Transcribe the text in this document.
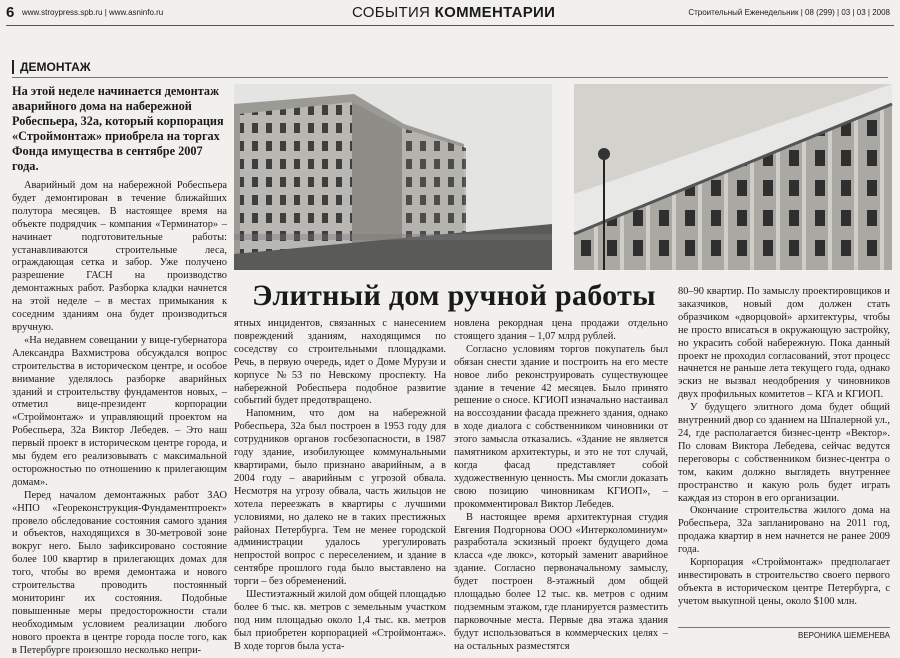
6 www.stroypress.spb.ru | www.asninfo.ru	СОБЫТИЯ КОММЕНТАРИИ	Строительный Еженедельник | 08 (299) | 03 | 03 | 2008
ДЕМОНТАЖ
На этой неделе начинается демонтаж аварийного дома на набережной Робеспьера, 32а, который корпорация «Строймонтаж» приобрела на торгах Фонда имущества в сентябре 2007 года.

Аварийный дом на набережной Робеспьера будет демонтирован в течение ближайших полутора месяцев. В настоящее время на объекте подрядчик – компания «Терминатор» – начинает подготовительные работы: устанавливаются строительные леса, ограждающая сетка и забор. Уже получено разрешение ГАСН на производство демонтажных работ. Разборка кладки начнется на этой неделе – в местах примыкания к соседним зданиям она будет производиться вручную.

«На недавнем совещании у вице-губернатора Александра Вахмистрова обсуждался вопрос строительства в историческом центре, и особое внимание уделялось разборке аварийных зданий и строительству фундаментов новых, – отметил вице-президент корпорации «Строймонтаж» и управляющий проектом на Робеспьера, 32а Виктор Лебедев. – Это наш первый проект в историческом центре города, и мы будем его реализовывать с максимальной осторожностью по отношению к прилегающим домам».

Перед началом демонтажных работ ЗАО «НПО «Геореконструкция-Фундаментпроект» провело обследование состояния самого здания и объектов, находящихся в 30-метровой зоне вокруг него. Было зафиксировано состояние более 100 квартир в прилегающих домах для того, чтобы во время демонтажа и нового строительства проводить постоянный мониторинг их состояния. Подобные повышенные меры предосторожности стали необходимым условием реализации любого нового проекта в центре города после того, как в Петербурге произошло несколько непри-

Элитный дом ручной работы

ятных инцидентов, связанных с нанесением повреждений зданиям, находящимся по соседству со строительными площадками. Речь, в первую очередь, идет о Доме Мурузи и корпусе №53 по Невскому проспекту. На набережной Робеспьера подобное развитие событий будет предотвращено.

Напомним, что дом на набережной Робеспьера, 32а был построен в 1953 году для сотрудников органов госбезопасности, в 1987 году здание, изобилующее коммунальными квартирами, было признано аварийным, а в 2004 году – аварийным с угрозой обвала. Несмотря на угрозу обвала, часть жильцов не хотела переезжать в квартиры с лучшими условиями, но далеко не в таких престижных районах Петербурга. Тем не менее городской администрации удалось урегулировать непростой вопрос с переселением, и здание в сентябре прошлого года было выставлено на торги – без обременений.

Шестиэтажный жилой дом общей площадью более 6 тыс. кв. метров с земельным участком под ним площадью около 1,4 тыс. кв. метров был приобретен корпорацией «Строймонтаж». В ходе торгов была уста-

новлена рекордная цена продажи отдельно стоящего здания – 1,07 млрд рублей.

Согласно условиям торгов покупатель был обязан снести здание и построить на его месте новое либо реконструировать существующее здание в течение 42 месяцев. Было принято решение о сносе. КГИОП изначально настаивал на воссоздании фасада прежнего здания, однако в ходе диалога с собственником чиновники от этого замысла отказались. «Здание не является памятником архитектуры, и это не тот случай, когда фасад представляет собой художественную ценность. Мы смогли доказать свою позицию чиновникам КГИОП», – прокомментировал Виктор Лебедев.

В настоящее время архитектурная студия Евгения Подгорнова ООО «Интерколоминиум» разработала эскизный проект будущего дома класса «де люкс», который заменит аварийное здание. Согласно первоначальному замыслу, будет построен 8-этажный дом общей площадью более 12 тыс. кв. метров с одним подземным этажом, где планируется разместить парковочные места. Первые два этажа здания будут использоваться в коммерческих целях – на остальных разместятся

80–90 квартир. По замыслу проектировщиков и заказчиков, новый дом должен стать образчиком «дворцовой» архитектуры, чтобы не просто вписаться в окружающую застройку, но украсить собой набережную. Пока данный проект не проходил согласований, этот процесс начнется не раньше лета текущего года, однако эскиз не вызвал неодобрения у чиновников двух профильных комитетов – КГА и КГИОП.

У будущего элитного дома будет общий внутренний двор со зданием на Шпалерной ул., 24, где располагается бизнес-центр «Вектор». По словам Виктора Лебедева, сейчас ведутся переговоры с собственником бизнес-центра о том, каким должно выглядеть внутреннее пространство и какую роль будет играть каждая из сторон в его организации.

Окончание строительства жилого дома на Робеспьера, 32а запланировано на 2011 год, продажа квартир в нем начнется не ранее 2009 года.

Корпорация «Строймонтаж» предполагает инвестировать в строительство своего первого объекта в историческом центре Петербурга, с учетом выкупной цены, около $100 млн.

ВЕРОНИКА ШЕМЕНЕВА
